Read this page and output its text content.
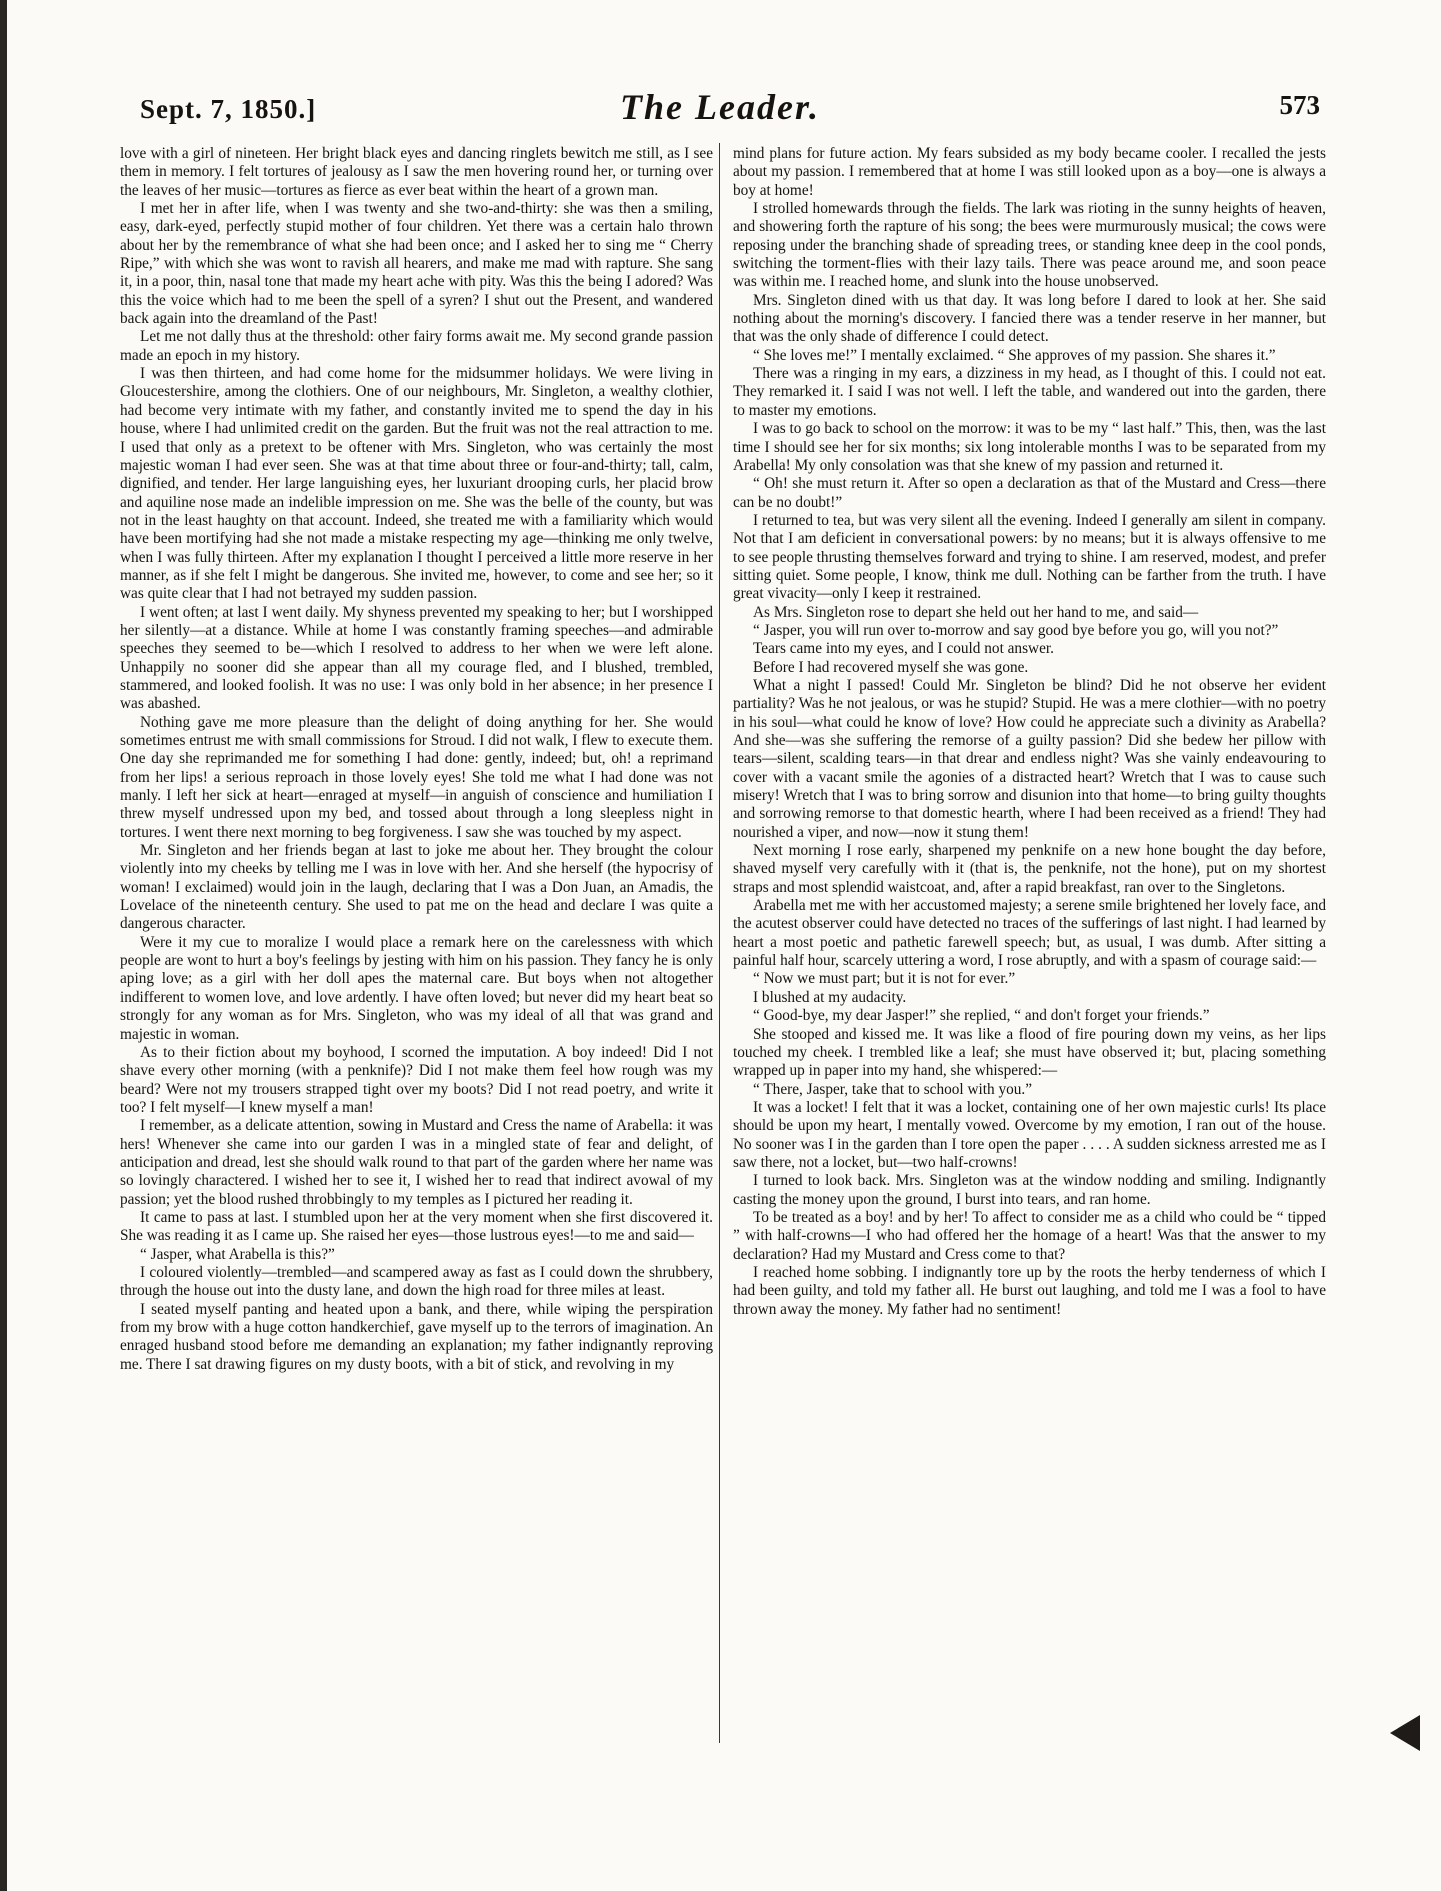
Sept. 7, 1850.]	The Leader.	573

love with a girl of nineteen. Her bright black eyes and dancing ringlets bewitch me still, as I see them in memory. I felt tortures of jealousy as I saw the men hovering round her, or turning over the leaves of her music—tortures as fierce as ever beat within the heart of a grown man.

I met her in after life, when I was twenty and she two-and-thirty: she was then a smiling, easy, dark-eyed, perfectly stupid mother of four children. Yet there was a certain halo thrown about her by the remembrance of what she had been once; and I asked her to sing me “ Cherry Ripe,” with which she was wont to ravish all hearers, and make me mad with rapture. She sang it, in a poor, thin, nasal tone that made my heart ache with pity. Was this the being I adored? Was this the voice which had to me been the spell of a syren? I shut out the Present, and wandered back again into the dreamland of the Past!

Let me not dally thus at the threshold: other fairy forms await me. My second grande passion made an epoch in my history.

I was then thirteen, and had come home for the midsummer holidays. We were living in Gloucestershire, among the clothiers. One of our neighbours, Mr. Singleton, a wealthy clothier, had become very intimate with my father, and constantly invited me to spend the day in his house, where I had unlimited credit on the garden. But the fruit was not the real attraction to me. I used that only as a pretext to be oftener with Mrs. Singleton, who was certainly the most majestic woman I had ever seen. She was at that time about three or four-and-thirty; tall, calm, dignified, and tender. Her large languishing eyes, her luxuriant drooping curls, her placid brow and aquiline nose made an indelible impression on me. She was the belle of the county, but was not in the least haughty on that account. Indeed, she treated me with a familiarity which would have been mortifying had she not made a mistake respecting my age—thinking me only twelve, when I was fully thirteen. After my explanation I thought I perceived a little more reserve in her manner, as if she felt I might be dangerous. She invited me, however, to come and see her; so it was quite clear that I had not betrayed my sudden passion.

I went often; at last I went daily. My shyness prevented my speaking to her; but I worshipped her silently—at a distance. While at home I was constantly framing speeches—and admirable speeches they seemed to be—which I resolved to address to her when we were left alone. Unhappily no sooner did she appear than all my courage fled, and I blushed, trembled, stammered, and looked foolish. It was no use: I was only bold in her absence; in her presence I was abashed.

Nothing gave me more pleasure than the delight of doing anything for her. She would sometimes entrust me with small commissions for Stroud. I did not walk, I flew to execute them. One day she reprimanded me for something I had done: gently, indeed; but, oh! a reprimand from her lips! a serious reproach in those lovely eyes! She told me what I had done was not manly. I left her sick at heart—enraged at myself—in anguish of conscience and humiliation I threw myself undressed upon my bed, and tossed about through a long sleepless night in tortures. I went there next morning to beg forgiveness. I saw she was touched by my aspect.

Mr. Singleton and her friends began at last to joke me about her. They brought the colour violently into my cheeks by telling me I was in love with her. And she herself (the hypocrisy of woman! I exclaimed) would join in the laugh, declaring that I was a Don Juan, an Amadis, the Lovelace of the nineteenth century. She used to pat me on the head and declare I was quite a dangerous character.

Were it my cue to moralize I would place a remark here on the carelessness with which people are wont to hurt a boy's feelings by jesting with him on his passion. They fancy he is only aping love; as a girl with her doll apes the maternal care. But boys when not altogether indifferent to women love, and love ardently. I have often loved; but never did my heart beat so strongly for any woman as for Mrs. Singleton, who was my ideal of all that was grand and majestic in woman.

As to their fiction about my boyhood, I scorned the imputation. A boy indeed! Did I not shave every other morning (with a penknife)? Did I not make them feel how rough was my beard? Were not my trousers strapped tight over my boots? Did I not read poetry, and write it too? I felt myself—I knew myself a man!

I remember, as a delicate attention, sowing in Mustard and Cress the name of Arabella: it was hers! Whenever she came into our garden I was in a mingled state of fear and delight, of anticipation and dread, lest she should walk round to that part of the garden where her name was so lovingly charactered. I wished her to see it, I wished her to read that indirect avowal of my passion; yet the blood rushed throbbingly to my temples as I pictured her reading it.

It came to pass at last. I stumbled upon her at the very moment when she first discovered it. She was reading it as I came up. She raised her eyes—those lustrous eyes!—to me and said—

“ Jasper, what Arabella is this?”

I coloured violently—trembled—and scampered away as fast as I could down the shrubbery, through the house out into the dusty lane, and down the high road for three miles at least.

I seated myself panting and heated upon a bank, and there, while wiping the perspiration from my brow with a huge cotton handkerchief, gave myself up to the terrors of imagination. An enraged husband stood before me demanding an explanation; my father indignantly reproving me. There I sat drawing figures on my dusty boots, with a bit of stick, and revolving in my

mind plans for future action. My fears subsided as my body became cooler. I recalled the jests about my passion. I remembered that at home I was still looked upon as a boy—one is always a boy at home!

I strolled homewards through the fields. The lark was rioting in the sunny heights of heaven, and showering forth the rapture of his song; the bees were murmurously musical; the cows were reposing under the branching shade of spreading trees, or standing knee deep in the cool ponds, switching the torment-flies with their lazy tails. There was peace around me, and soon peace was within me. I reached home, and slunk into the house unobserved.

Mrs. Singleton dined with us that day. It was long before I dared to look at her. She said nothing about the morning's discovery. I fancied there was a tender reserve in her manner, but that was the only shade of difference I could detect.

“ She loves me!” I mentally exclaimed. “ She approves of my passion. She shares it.”

There was a ringing in my ears, a dizziness in my head, as I thought of this. I could not eat. They remarked it. I said I was not well. I left the table, and wandered out into the garden, there to master my emotions.

I was to go back to school on the morrow: it was to be my “ last half.” This, then, was the last time I should see her for six months; six long intolerable months I was to be separated from my Arabella! My only consolation was that she knew of my passion and returned it.

“ Oh! she must return it. After so open a declaration as that of the Mustard and Cress—there can be no doubt!”

I returned to tea, but was very silent all the evening. Indeed I generally am silent in company. Not that I am deficient in conversational powers: by no means; but it is always offensive to me to see people thrusting themselves forward and trying to shine. I am reserved, modest, and prefer sitting quiet. Some people, I know, think me dull. Nothing can be farther from the truth. I have great vivacity—only I keep it restrained.

As Mrs. Singleton rose to depart she held out her hand to me, and said—

“ Jasper, you will run over to-morrow and say good bye before you go, will you not?”

Tears came into my eyes, and I could not answer.

Before I had recovered myself she was gone.

What a night I passed! Could Mr. Singleton be blind? Did he not observe her evident partiality? Was he not jealous, or was he stupid? Stupid. He was a mere clothier—with no poetry in his soul—what could he know of love? How could he appreciate such a divinity as Arabella? And she—was she suffering the remorse of a guilty passion? Did she bedew her pillow with tears—silent, scalding tears—in that drear and endless night? Was she vainly endeavouring to cover with a vacant smile the agonies of a distracted heart? Wretch that I was to cause such misery! Wretch that I was to bring sorrow and disunion into that home—to bring guilty thoughts and sorrowing remorse to that domestic hearth, where I had been received as a friend! They had nourished a viper, and now—now it stung them!

Next morning I rose early, sharpened my penknife on a new hone bought the day before, shaved myself very carefully with it (that is, the penknife, not the hone), put on my shortest straps and most splendid waistcoat, and, after a rapid breakfast, ran over to the Singletons.

Arabella met me with her accustomed majesty; a serene smile brightened her lovely face, and the acutest observer could have detected no traces of the sufferings of last night. I had learned by heart a most poetic and pathetic farewell speech; but, as usual, I was dumb. After sitting a painful half hour, scarcely uttering a word, I rose abruptly, and with a spasm of courage said:—

“ Now we must part; but it is not for ever.”

I blushed at my audacity.

“ Good-bye, my dear Jasper!” she replied, “ and don't forget your friends.”

She stooped and kissed me. It was like a flood of fire pouring down my veins, as her lips touched my cheek. I trembled like a leaf; she must have observed it; but, placing something wrapped up in paper into my hand, she whispered:—

“ There, Jasper, take that to school with you.”

It was a locket! I felt that it was a locket, containing one of her own majestic curls! Its place should be upon my heart, I mentally vowed. Overcome by my emotion, I ran out of the house. No sooner was I in the garden than I tore open the paper . . . . A sudden sickness arrested me as I saw there, not a locket, but—two half-crowns!

I turned to look back. Mrs. Singleton was at the window nodding and smiling. Indignantly casting the money upon the ground, I burst into tears, and ran home.

To be treated as a boy! and by her! To affect to consider me as a child who could be “ tipped ” with half-crowns—I who had offered her the homage of a heart! Was that the answer to my declaration? Had my Mustard and Cress come to that?

I reached home sobbing. I indignantly tore up by the roots the herby tenderness of which I had been guilty, and told my father all. He burst out laughing, and told me I was a fool to have thrown away the money. My father had no sentiment!
